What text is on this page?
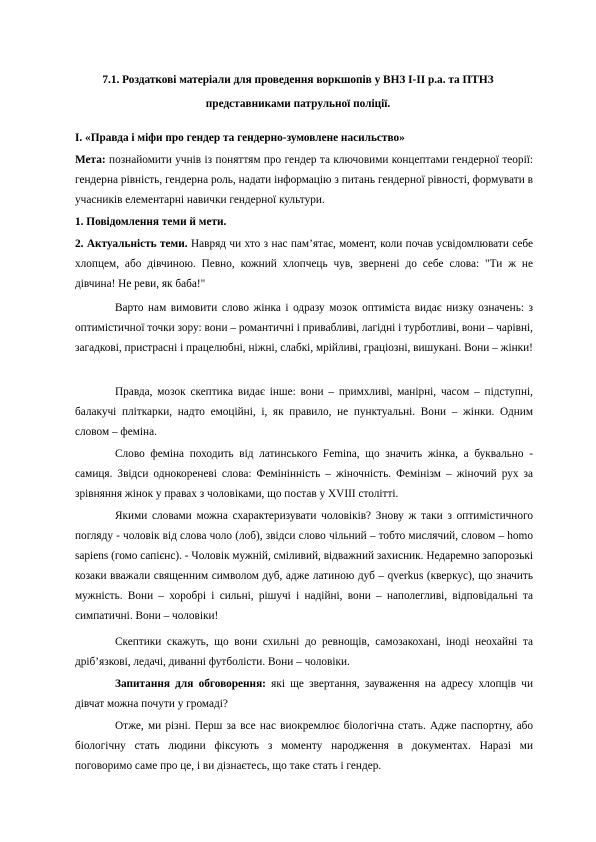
7.1. Роздаткові матеріали для проведення воркшопів у ВНЗ І-ІІ р.а. та ПТНЗ
представниками патрульної поліції.
І. «Правда і міфи про гендер та гендерно-зумовлене насильство»
Мета: познайомити учнів із поняттям про гендер та ключовими концептами гендерної теорії: гендерна рівність, гендерна роль, надати інформацію з питань гендерної рівності, формувати в учасників елементарні навички гендерної культури.
1. Повідомлення теми й мети.
2. Актуальність теми. Навряд чи хто з нас пам’ятає, момент, коли почав усвідомлювати себе хлопцем, або дівчиною. Певно, кожний хлопчець чув, звернені до себе слова: "Ти ж не дівчина! Не реви, як баба!"
Варто нам вимовити слово жінка і одразу мозок оптиміста видає низку означень: з оптимістичної точки зору: вони – романтичні і привабливі, лагідні і турботливі, вони – чарівні, загадкові, пристрасні і працелюбні, ніжні, слабкі, мрійливі, граціозні, вишукані. Вони – жінки!
Правда, мозок скептика видає інше: вони – примхливі, манірні, часом – підступні, балакучі пліткарки, надто емоційні, і, як правило, не пунктуальні. Вони – жінки. Одним словом – феміна.
Слово феміна походить від латинського Femina, що значить жінка, а буквально - самиця. Звідси однокореневі слова: Фемінінність – жіночність. Фемінізм – жіночий рух за зрівняння жінок у правах з чоловіками, що постав у XVIII столітті.
Якими словами можна схарактеризувати чоловіків? Знову ж таки з оптимістичного погляду - чоловік від слова чоло (лоб), звідси слово чільний – тобто мислячий, словом – homo sapiens (гомо сапієнс). - Чоловік мужній, сміливий, відважний захисник. Недаремно запорозькі козаки вважали священним символом дуб, адже латиною дуб – qverkus (кверкус), що значить мужність. Вони – хоробрі і сильні, рішучі і надійні, вони – наполегливі, відповідальні та симпатичні. Вони – чоловіки!
Скептики скажуть, що вони схильні до ревнощів, самозакохані, іноді неохайні та дріб’язкові, ледачі, диванні футболісти. Вони – чоловіки.
Запитання для обговорення: які ще звертання, зауваження на адресу хлопців чи дівчат можна почути у громаді?
Отже, ми різні. Перш за все нас виокремлює біологічна стать. Адже паспортну, або біологічну стать людини фіксують з моменту народження в документах. Наразі ми поговоримо саме про це, і ви дізнаєтесь, що таке стать і гендер.
